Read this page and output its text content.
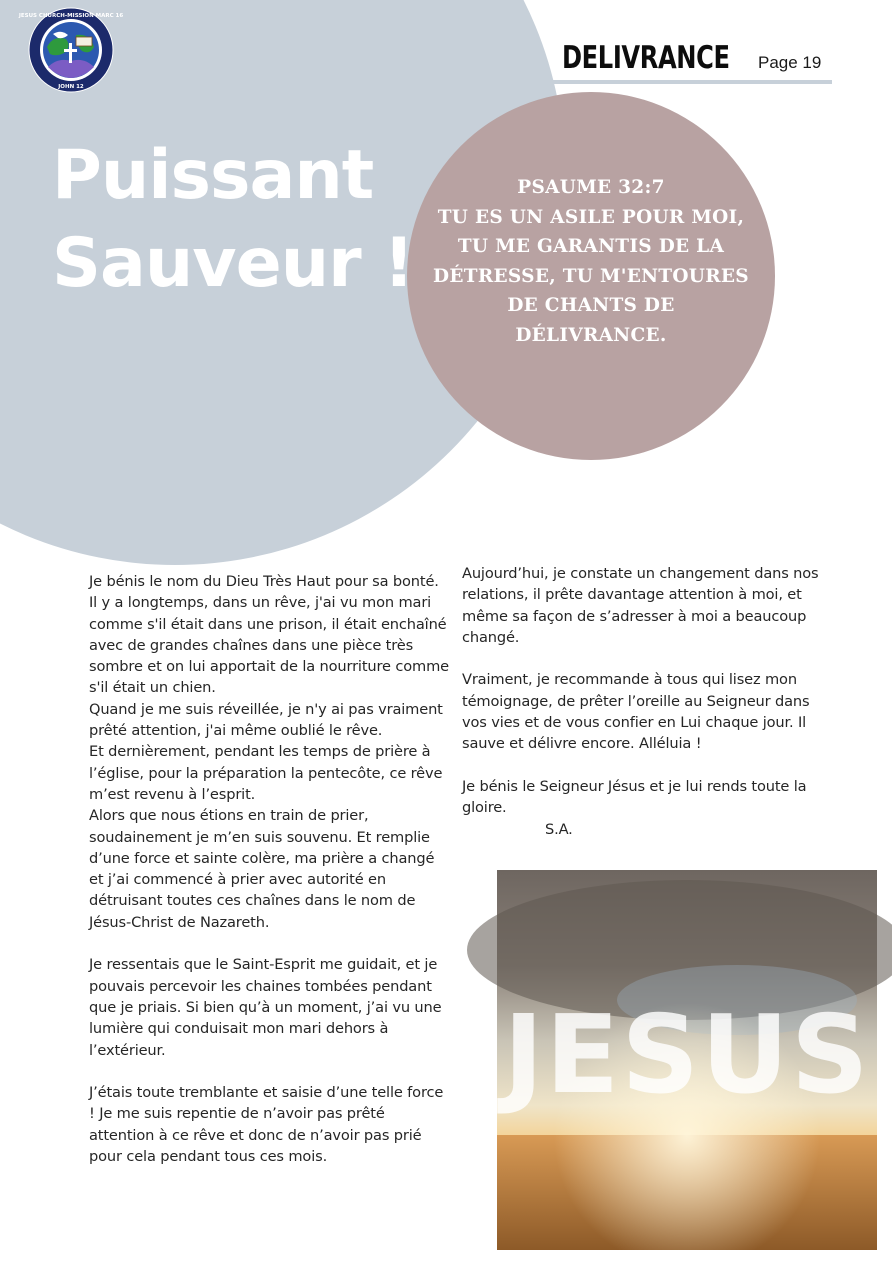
JESUS CHURCH-MISSION MARC 16
JOHN 12
DELIVRANCE Page 19
Puissant
Sauveur !
PSAUME 32:7
TU ES UN ASILE POUR MOI,
TU ME GARANTIS DE LA
DÉTRESSE, TU M'ENTOURES
DE CHANTS DE
DÉLIVRANCE.

Je bénis le nom du Dieu Très Haut pour sa bonté.

Il y a longtemps, dans un rêve, j'ai vu mon mari comme s'il était dans une prison, il était enchaîné avec de grandes chaînes dans une pièce très sombre et on lui apportait de la nourriture comme s'il était un chien.

Quand je me suis réveillée, je n'y ai pas vraiment prêté attention, j'ai même oublié le rêve.

Et dernièrement, pendant les temps de prière à l’église, pour la préparation la pentecôte, ce rêve m’est revenu à l’esprit.

Alors que nous étions en train de prier, soudainement je m’en suis souvenu. Et remplie d’une force et sainte colère, ma prière a changé et j’ai commencé à prier avec autorité en détruisant toutes ces chaînes dans le nom de Jésus-Christ de Nazareth.

Je ressentais que le Saint-Esprit me guidait, et je pouvais percevoir les chaines tombées pendant que je priais. Si bien qu’à un moment, j’ai vu une lumière qui conduisait mon mari dehors à l’extérieur.

J’étais toute tremblante et saisie d’une telle force ! Je me suis repentie de n’avoir pas prêté attention à ce rêve et donc de n’avoir pas prié pour cela pendant tous ces mois.

Aujourd’hui, je constate un changement dans nos relations, il prête davantage attention à moi, et même sa façon de s’adresser à moi a beaucoup changé.

Vraiment, je recommande à tous qui lisez mon témoignage, de prêter l’oreille au Seigneur dans vos vies et de vous confier en Lui chaque jour. Il sauve et délivre encore. Alléluia !

Je bénis le Seigneur Jésus et je lui rends toute la gloire.

S.A.

JESUS
